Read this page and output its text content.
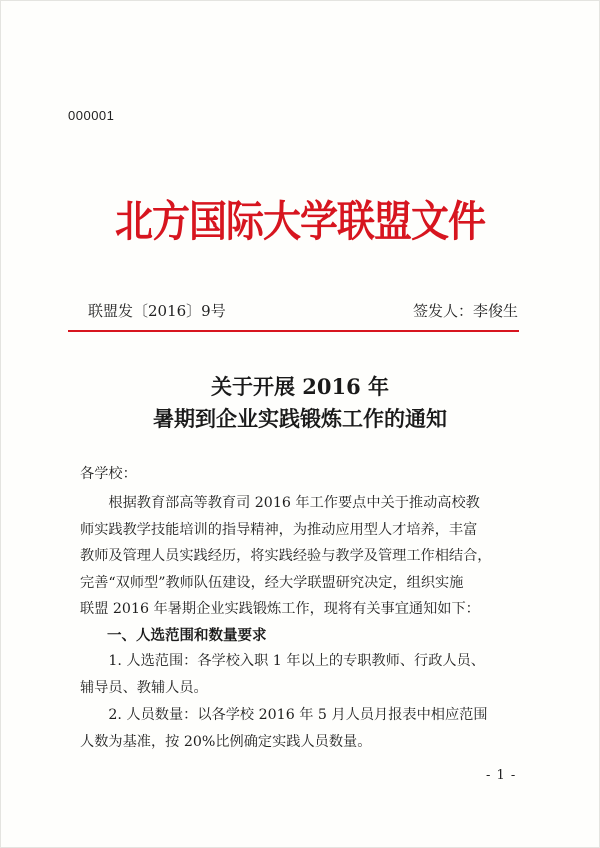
000001
北方国际大学联盟文件
联盟发〔2016〕9号	签发人：李俊生
关于开展 2016 年
暑期到企业实践锻炼工作的通知
各学校：
　　根据教育部高等教育司 2016 年工作要点中关于推动高校教
师实践教学技能培训的指导精神，为推动应用型人才培养，丰富
教师及管理人员实践经历，将实践经验与教学及管理工作相结合，
完善“双师型”教师队伍建设，经大学联盟研究决定，组织实施
联盟 2016 年暑期企业实践锻炼工作，现将有关事宜通知如下：
一、人选范围和数量要求
　　1. 人选范围：各学校入职 1 年以上的专职教师、行政人员、
辅导员、教辅人员。
　　2. 人员数量：以各学校 2016 年 5 月人员月报表中相应范围
人数为基准，按 20%比例确定实践人员数量。
- 1 -
